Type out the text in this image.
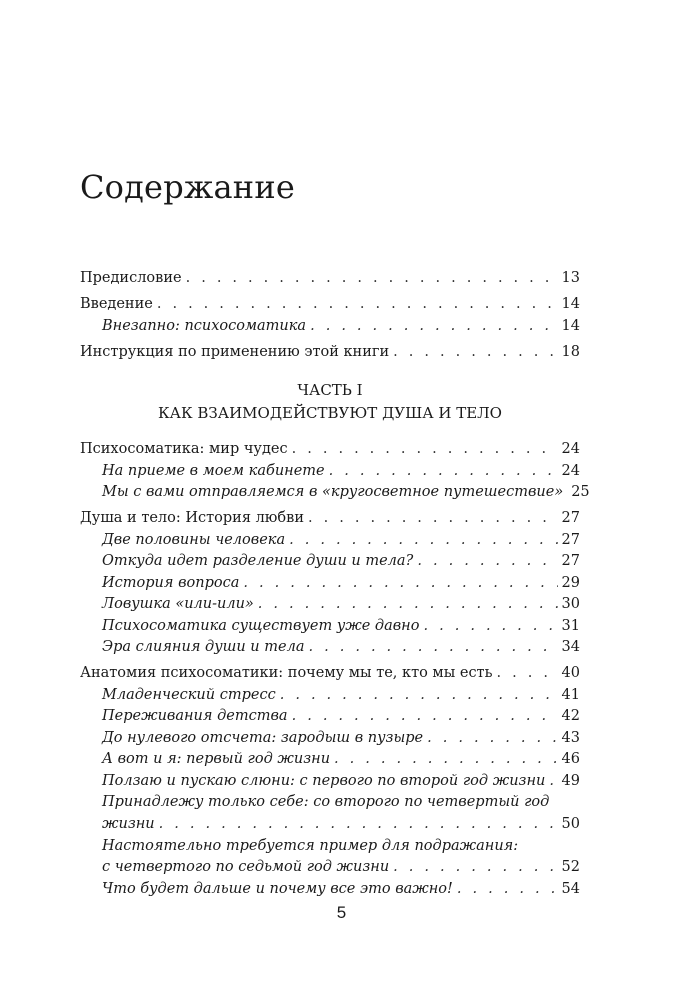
Содержание
Предисловие . . .	13
Введение . . .	14
Внезапно: психосоматика . . .	14
Инструкция по применению этой книги . . .	18
ЧАСТЬ I
КАК ВЗАИМОДЕЙСТВУЮТ ДУША И ТЕЛО
Психосоматика: мир чудес . . .	24
На приеме в моем кабинете . . .	24
Мы с вами отправляемся в «кругосветное путешествие» 25
Душа и тело: История любви . . .	27
Две половины человека . . .	27
Откуда идет разделение души и тела? . . .	27
История вопроса . . .	29
Ловушка «или-или» . . .	30
Психосоматика существует уже давно . . .	31
Эра слияния души и тела . . .	34
Анатомия психосоматики: почему мы те, кто мы есть . . .	40
Младенческий стресс . . .	41
Переживания детства . . .	42
До нулевого отсчета: зародыш в пузыре . . .	43
А вот и я: первый год жизни . . .	46
Ползаю и пускаю слюни: с первого по второй год жизни . . . 49
Принадлежу только себе: со второго по четвертый год
жизни . . .	50
Настоятельно требуется пример для подражания:
с четвертого по седьмой год жизни . . .	52
Что будет дальше и почему все это важно! . . .	54
5
